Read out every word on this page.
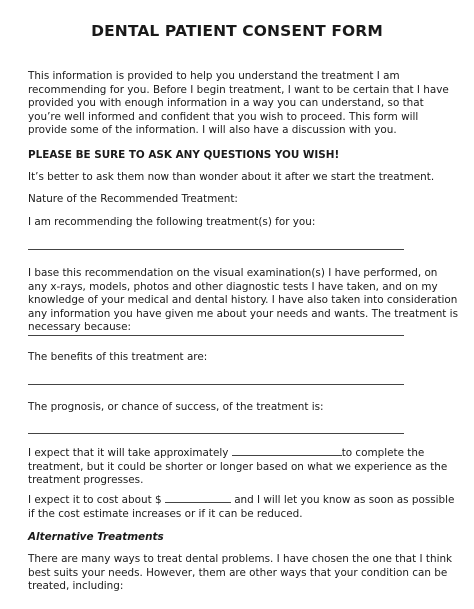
DENTAL PATIENT CONSENT FORM

This information is provided to help you understand the treatment I am recommending for you. Before I begin treatment, I want to be certain that I have provided you with enough information in a way you can understand, so that you’re well informed and confident that you wish to proceed. This form will provide some of the information. I will also have a discussion with you.

PLEASE BE SURE TO ASK ANY QUESTIONS YOU WISH!

It’s better to ask them now than wonder about it after we start the treatment.

Nature of the Recommended Treatment:

I am recommending the following treatment(s) for you:

I base this recommendation on the visual examination(s) I have performed, on any x-rays, models, photos and other diagnostic tests I have taken, and on my knowledge of your medical and dental history. I have also taken into consideration any information you have given me about your needs and wants. The treatment is necessary because:

The benefits of this treatment are:

The prognosis, or chance of success, of the treatment is:

I expect that it will take approximately	to complete the treatment, but it could be shorter or longer based on what we experience as the treatment progresses.

I expect it to cost about $	and I will let you know as soon as possible if the cost estimate increases or if it can be reduced.

Alternative Treatments

There are many ways to treat dental problems. I have chosen the one that I think best suits your needs. However, them are other ways that your condition can be treated, including:
